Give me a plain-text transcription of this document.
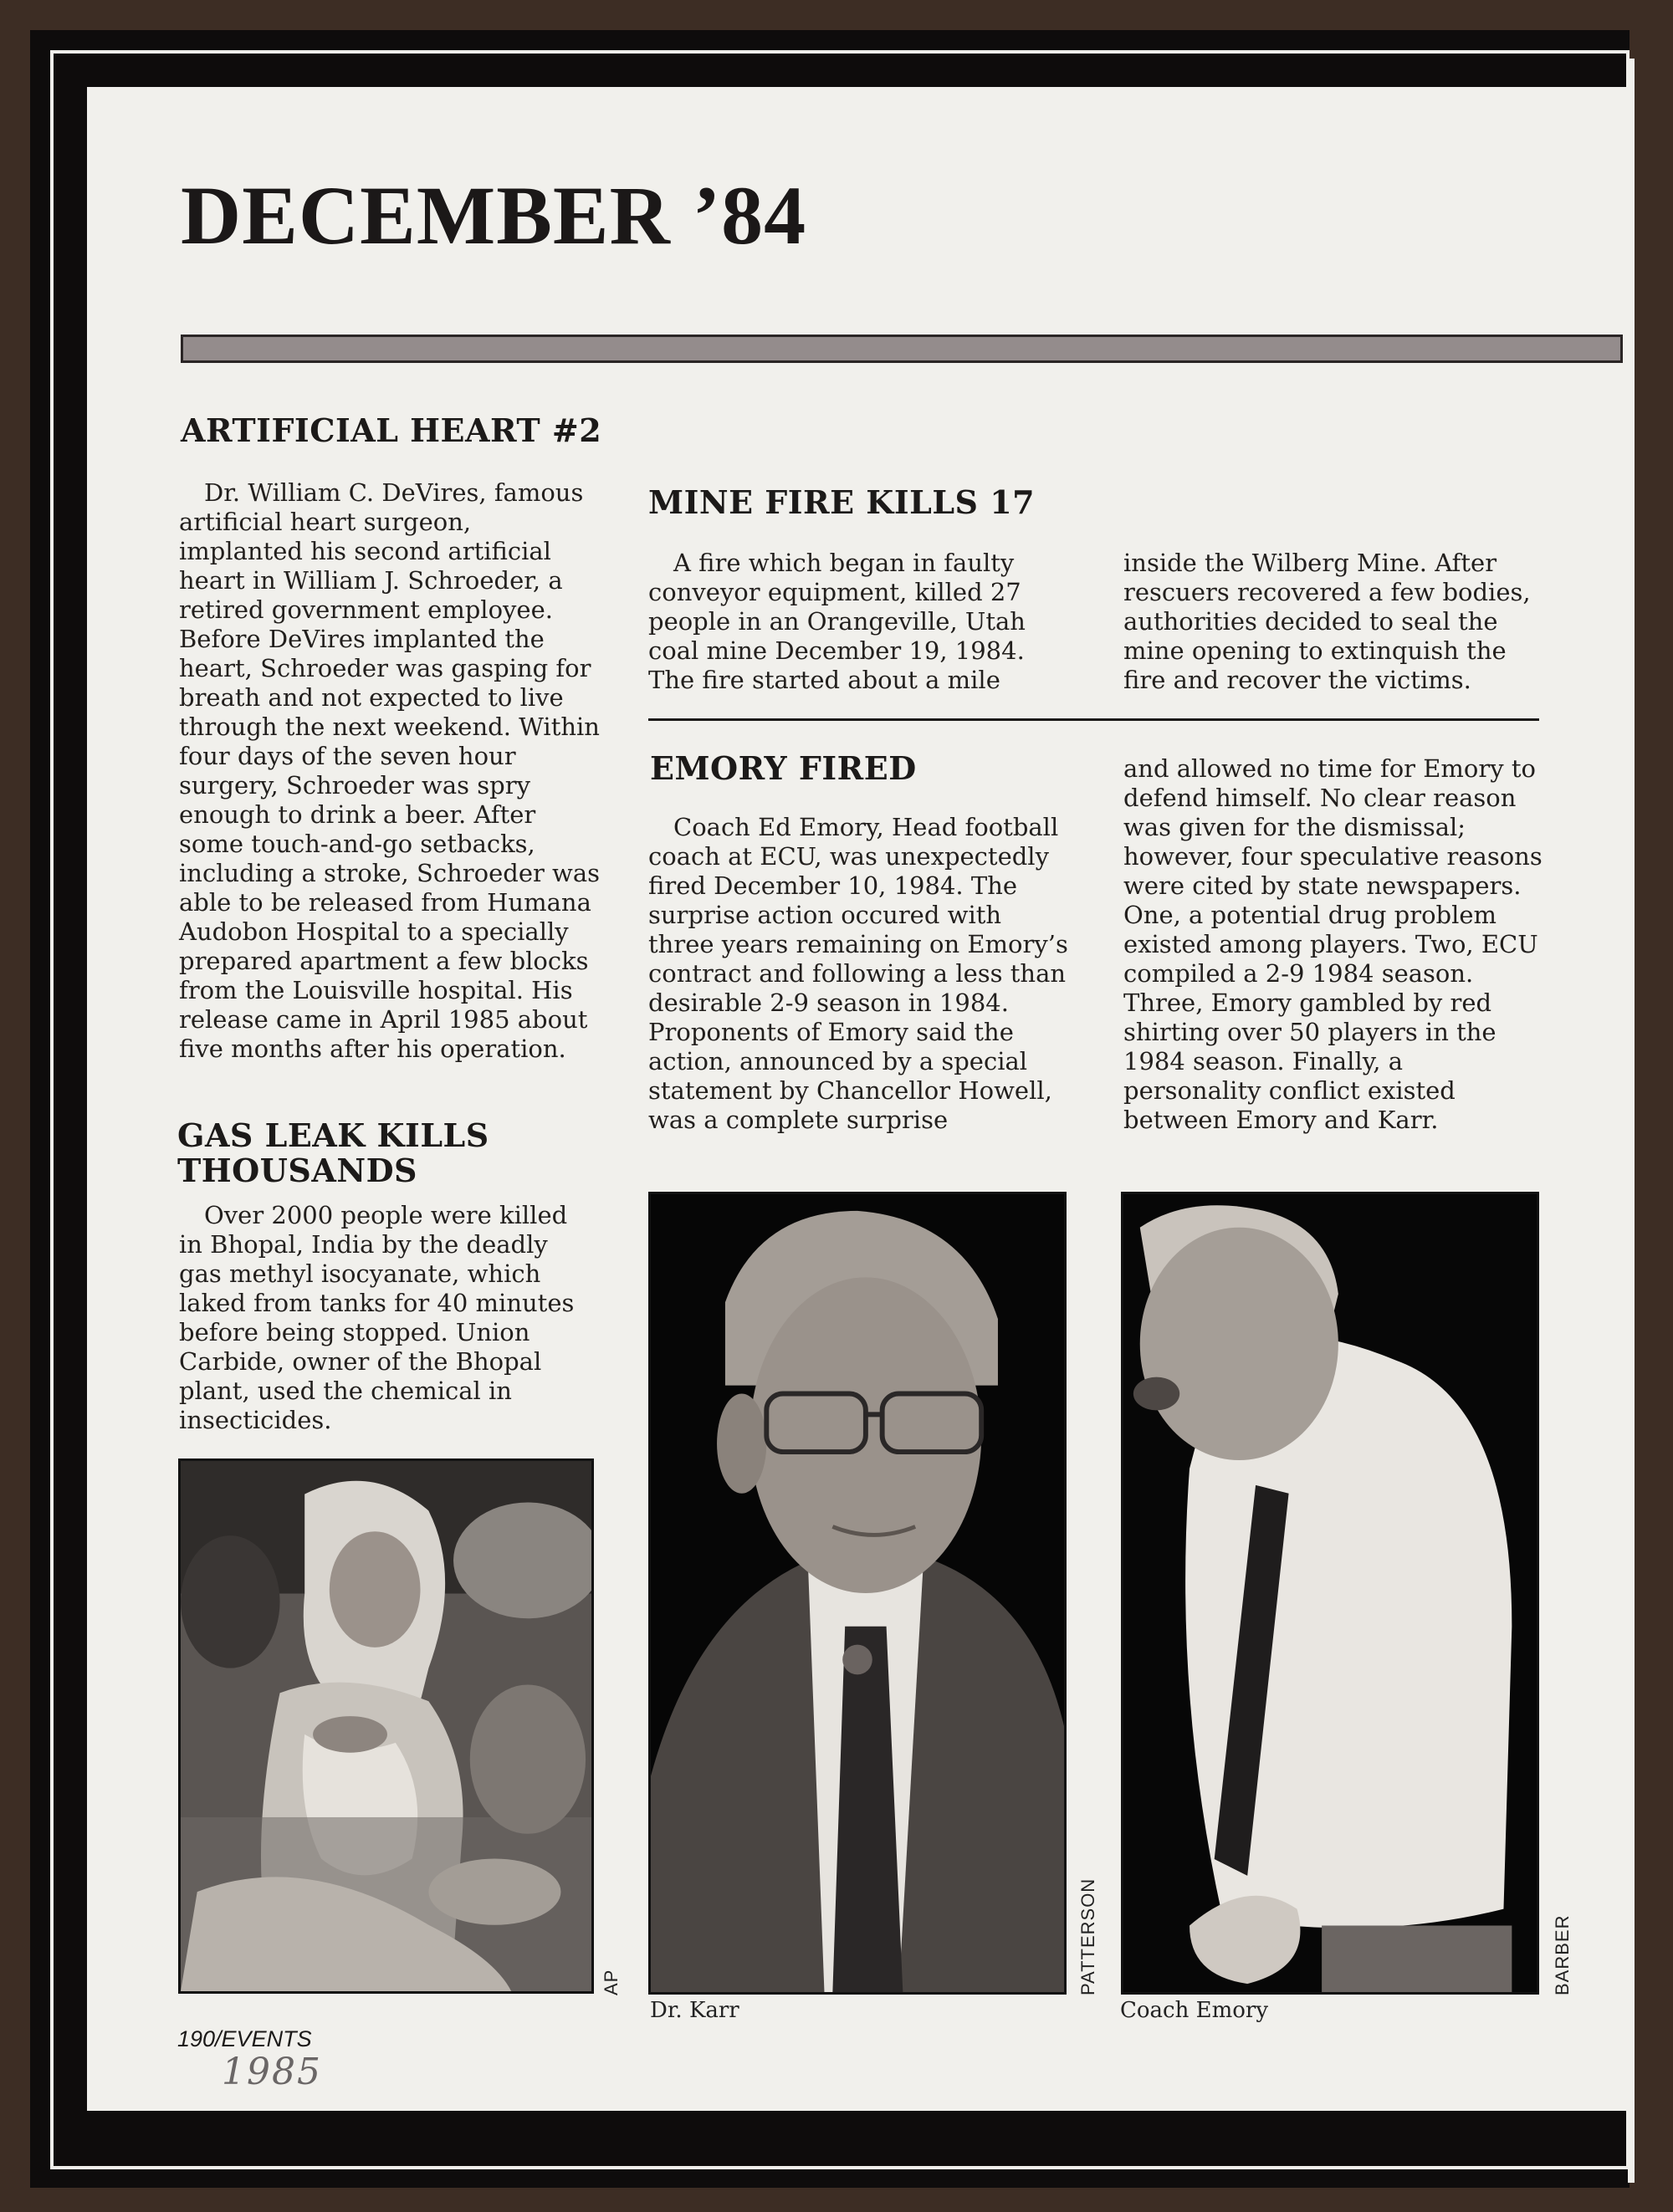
DECEMBER ’84
ARTIFICIAL HEART #2

Dr. William C. DeVires, famous artificial heart surgeon, implanted his second artificial heart in William J. Schroeder, a retired government employee. Before DeVires implanted the heart, Schroeder was gasping for breath and not expected to live through the next weekend. Within four days of the seven hour surgery, Schroeder was spry enough to drink a beer. After some touch-and-go setbacks, including a stroke, Schroeder was able to be released from Humana Audobon Hospital to a specially prepared apartment a few blocks from the Louisville hospital. His release came in April 1985 about five months after his operation.

GAS LEAK KILLS THOUSANDS

Over 2000 people were killed in Bhopal, India by the deadly gas methyl isocyanate, which laked from tanks for 40 minutes before being stopped. Union Carbide, owner of the Bhopal plant, used the chemical in insecticides.

MINE FIRE KILLS 17

A fire which began in faulty conveyor equipment, killed 27 people in an Orangeville, Utah coal mine December 19, 1984. The fire started about a mile

inside the Wilberg Mine. After rescuers recovered a few bodies, authorities decided to seal the mine opening to extinquish the fire and recover the victims.

EMORY FIRED

Coach Ed Emory, Head football coach at ECU, was unexpectedly fired December 10, 1984. The surprise action occured with three years remaining on Emory’s contract and following a less than desirable 2-9 season in 1984. Proponents of Emory said the action, announced by a special statement by Chancellor Howell, was a complete surprise

and allowed no time for Emory to defend himself. No clear reason was given for the dismissal; however, four speculative reasons were cited by state newspapers. One, a potential drug problem existed among players. Two, ECU compiled a 2-9 1984 season. Three, Emory gambled by red shirting over 50 players in the 1984 season. Finally, a personality conflict existed between Emory and Karr.

AP
Dr. Karr
PATTERSON
Coach Emory
BARBER
190/EVENTS
1985
